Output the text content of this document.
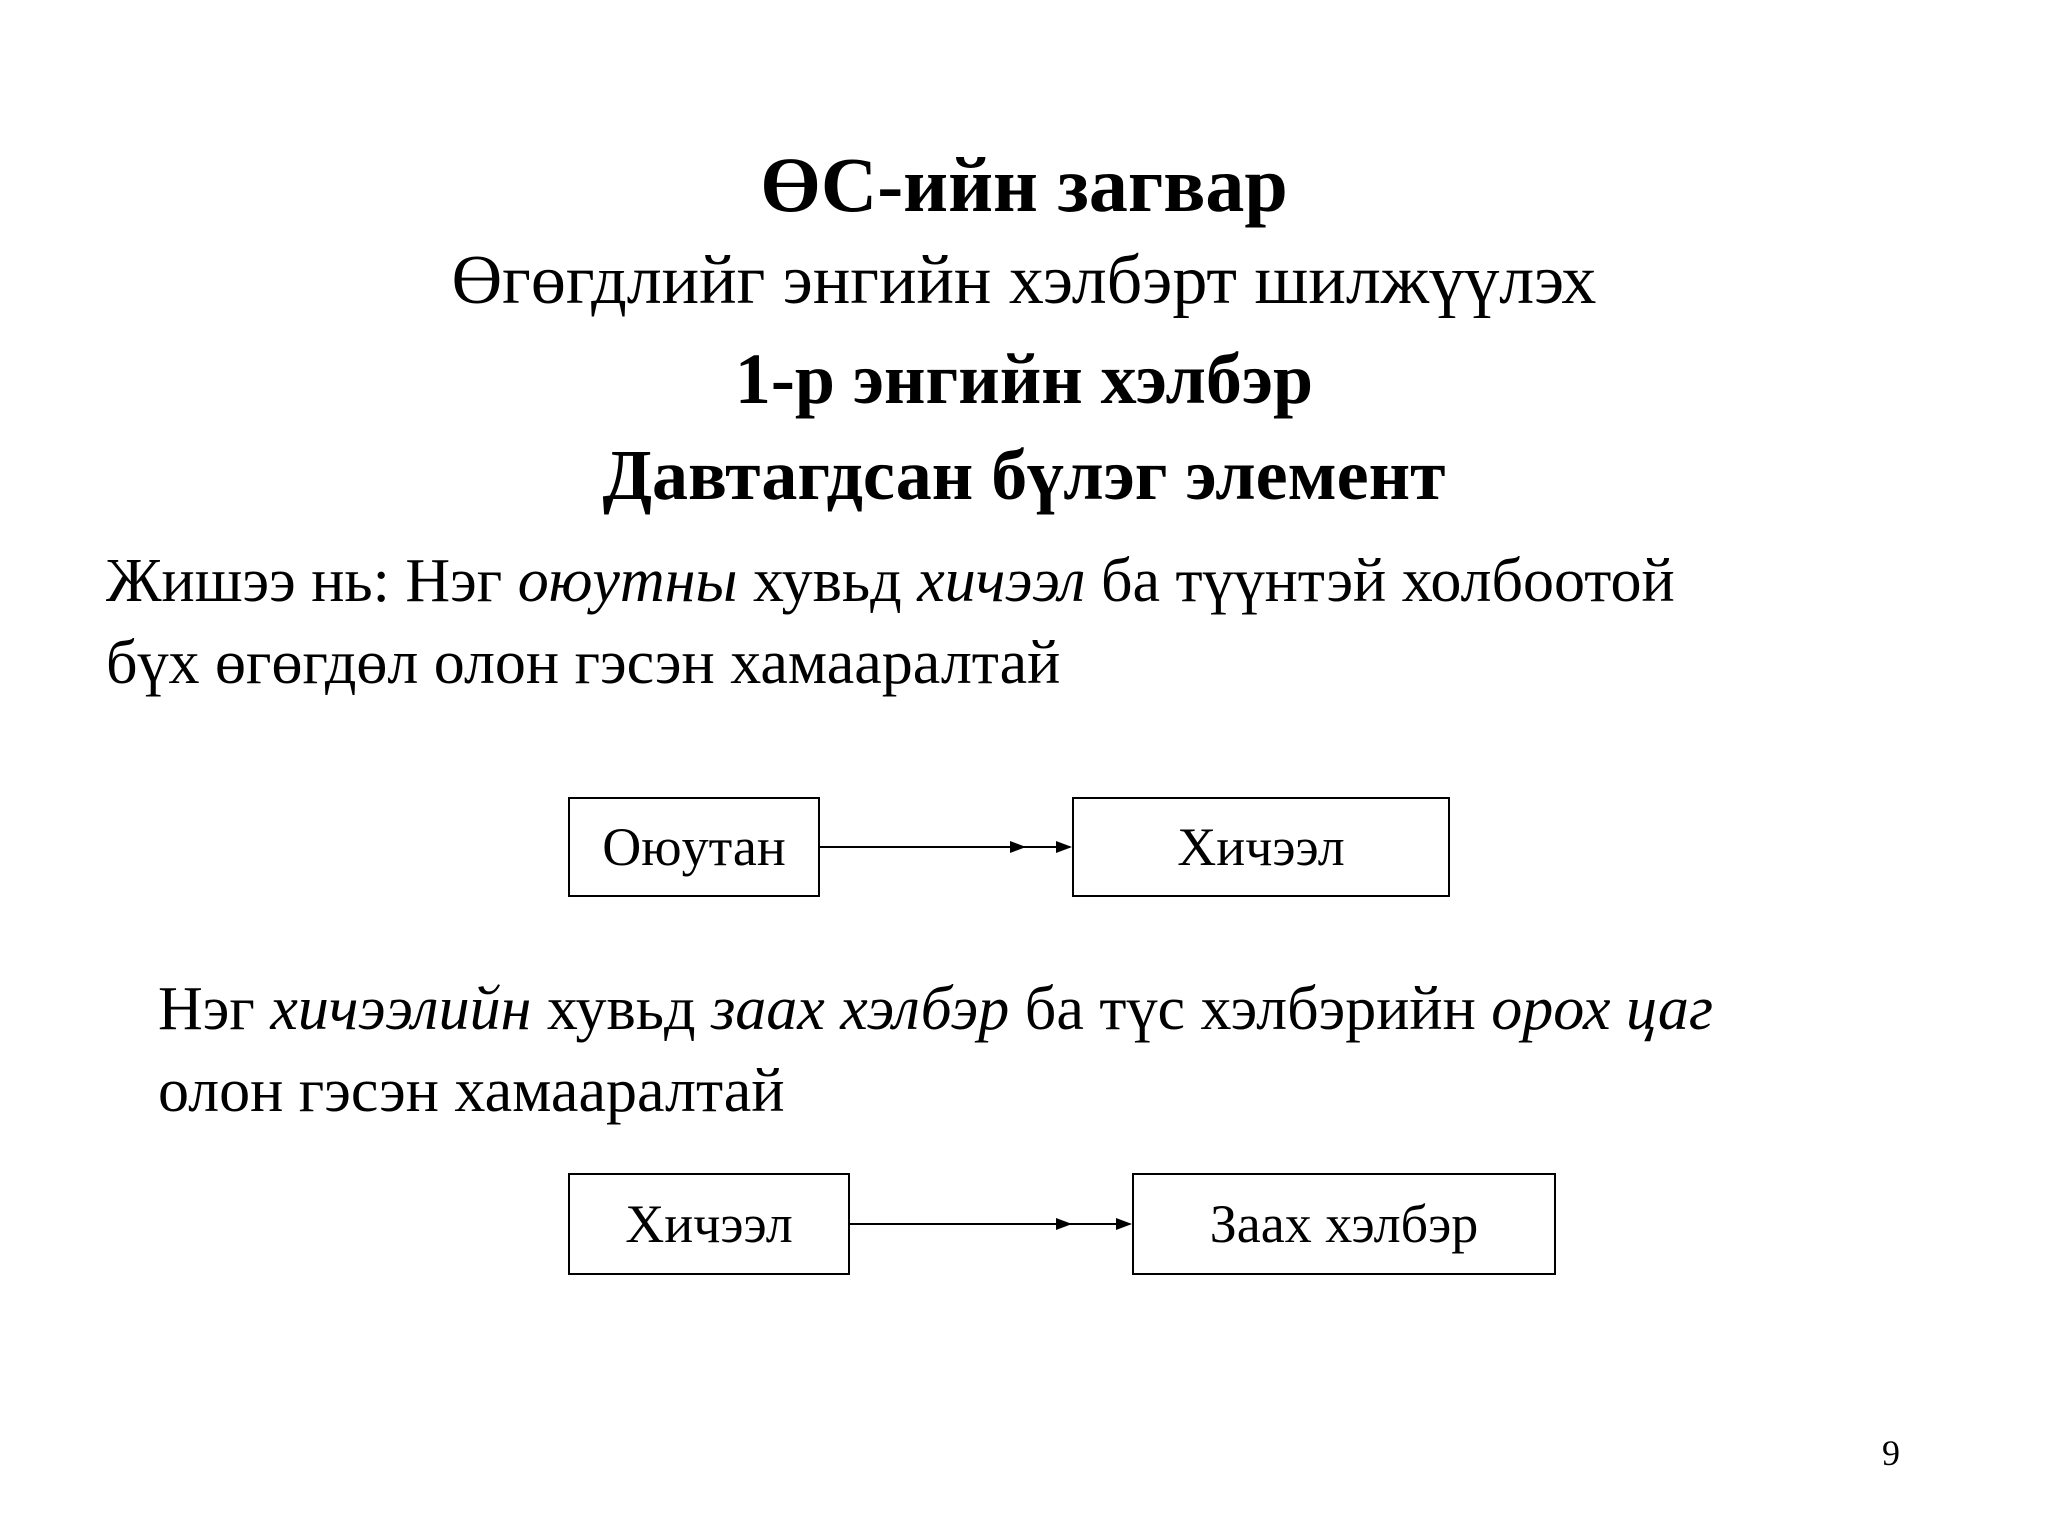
ӨС-ийн загвар
Өгөгдлийг энгийн хэлбэрт шилжүүлэх
1-р энгийн хэлбэр
Давтагдсан бүлэг элемент
Жишээ нь: Нэг оюутны хувьд хичээл ба түүнтэй холбоотой
бүх өгөгдөл олон гэсэн хамааралтай
Оюутан	Хичээл
Нэг хичээлийн хувьд заах хэлбэр ба түс хэлбэрийн орох цаг
олон гэсэн хамааралтай
Хичээл	Заах хэлбэр
9
